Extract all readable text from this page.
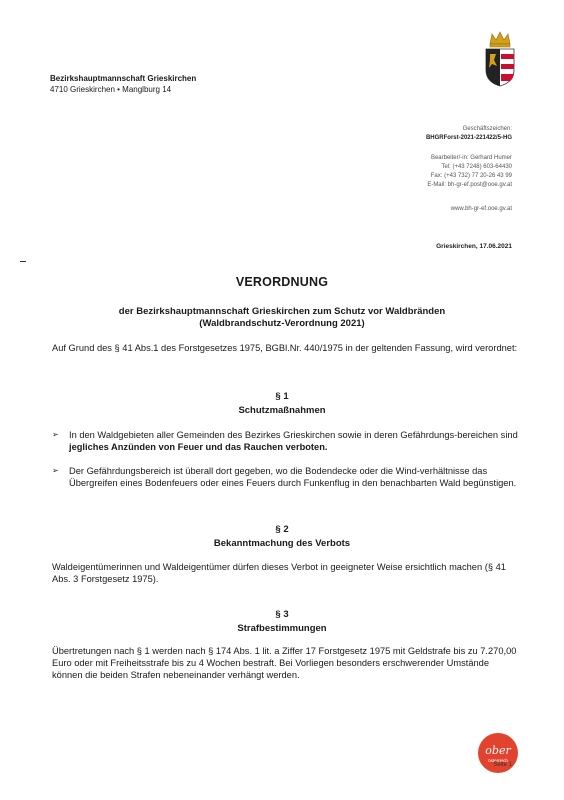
Bezirkshauptmannschaft Grieskirchen
4710 Grieskirchen • Manglburg 14
Geschäftszeichen:
BHGRForst-2021-221422/5-HG
Bearbeiter/-in: Gerhard Humer
Tel: (+43 7248) 603-64430
Fax: (+43 732) 77 20-26 43 99
E-Mail: bh-gr-ef.post@ooe.gv.at
www.bh-gr-ef.ooe.gv.at
Grieskirchen, 17.06.2021
VERORDNUNG
der Bezirkshauptmannschaft Grieskirchen zum Schutz vor Waldbränden
(Waldbrandschutz-Verordnung 2021)
Auf Grund des § 41 Abs.1 des Forstgesetzes 1975, BGBl.Nr. 440/1975 in der geltenden Fassung, wird verordnet:
§ 1
Schutzmaßnahmen
➢	In den Waldgebieten aller Gemeinden des Bezirkes Grieskirchen sowie in deren Gefährdungs-bereichen sind jegliches Anzünden von Feuer und das Rauchen verboten.
➢	Der Gefährdungsbereich ist überall dort gegeben, wo die Bodendecke oder die Wind-verhältnisse das Übergreifen eines Bodenfeuers oder eines Feuers durch Funkenflug in den benachbarten Wald begünstigen.
§ 2
Bekanntmachung des Verbots
Waldeigentümerinnen und Waldeigentümer dürfen dieses Verbot in geeigneter Weise ersichtlich machen (§ 41 Abs. 3 Forstgesetz 1975).
§ 3
Strafbestimmungen
Übertretungen nach § 1 werden nach § 174 Abs. 1 lit. a Ziffer 17 Forstgesetz 1975 mit Geldstrafe bis zu 7.270,00 Euro oder mit Freiheitsstrafe bis zu 4 Wochen bestraft. Bei Vorliegen besonders erschwerender Umstände können die beiden Strafen nebeneinander verhängt werden.
ober
österreich
Seite 1
